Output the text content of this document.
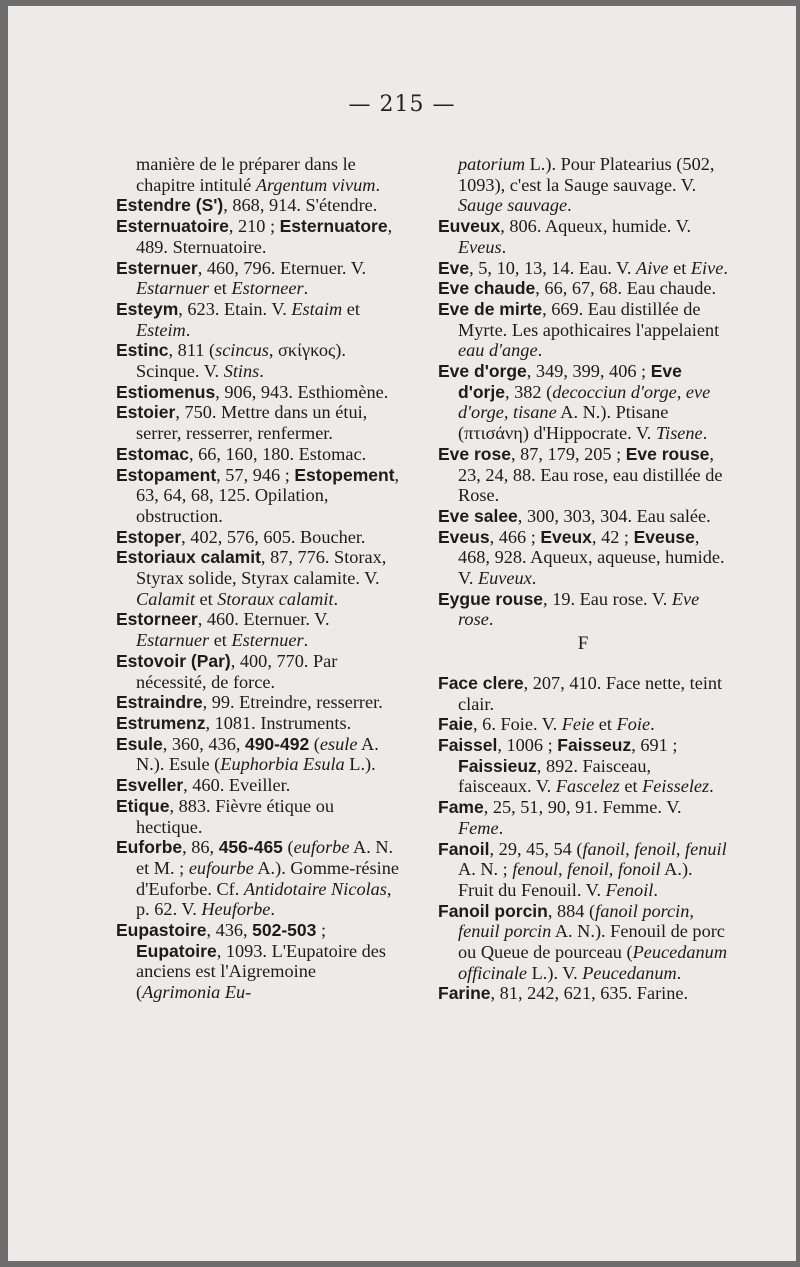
— 215 —

manière de le préparer dans le chapitre intitulé Argentum vivum.

Estendre (S'), 868, 914. S'étendre.

Esternuatoire, 210 ; Esternuatore, 489. Sternuatoire.

Esternuer, 460, 796. Eternuer. V. Estarnuer et Estorneer.

Esteym, 623. Etain. V. Estaim et Esteim.

Estinc, 811 (scincus, σκίγκος). Scinque. V. Stins.

Estiomenus, 906, 943. Esthiomène.

Estoier, 750. Mettre dans un étui, serrer, resserrer, renfermer.

Estomac, 66, 160, 180. Estomac.

Estopament, 57, 946 ; Estopement, 63, 64, 68, 125. Opilation, obstruction.

Estoper, 402, 576, 605. Boucher.

Estoriaux calamit, 87, 776. Storax, Styrax solide, Styrax calamite. V. Calamit et Storaux calamit.

Estorneer, 460. Eternuer. V. Estarnuer et Esternuer.

Estovoir (Par), 400, 770. Par nécessité, de force.

Estraindre, 99. Etreindre, resserrer.

Estrumenz, 1081. Instruments.

Esule, 360, 436, 490-492 (esule A. N.). Esule (Euphorbia Esula L.).

Esveller, 460. Eveiller.

Etique, 883. Fièvre étique ou hectique.

Euforbe, 86, 456-465 (euforbe A. N. et M. ; eufourbe A.). Gomme-résine d'Euforbe. Cf. Antidotaire Nicolas, p. 62. V. Heuforbe.

Eupastoire, 436, 502-503 ; Eupatoire, 1093. L'Eupatoire des anciens est l'Aigremoine (Agrimonia Eu-

patorium L.). Pour Platearius (502, 1093), c'est la Sauge sauvage. V. Sauge sauvage.

Euveux, 806. Aqueux, humide. V. Eveus.

Eve, 5, 10, 13, 14. Eau. V. Aive et Eive.

Eve chaude, 66, 67, 68. Eau chaude.

Eve de mirte, 669. Eau distillée de Myrte. Les apothicaires l'appelaient eau d'ange.

Eve d'orge, 349, 399, 406 ; Eve d'orje, 382 (decocciun d'orge, eve d'orge, tisane A. N.). Ptisane (πτισάνη) d'Hippocrate. V. Tisene.

Eve rose, 87, 179, 205 ; Eve rouse, 23, 24, 88. Eau rose, eau distillée de Rose.

Eve salee, 300, 303, 304. Eau salée.

Eveus, 466 ; Eveux, 42 ; Eveuse, 468, 928. Aqueux, aqueuse, humide. V. Euveux.

Eygue rouse, 19. Eau rose. V. Eve rose.

F

Face clere, 207, 410. Face nette, teint clair.

Faie, 6. Foie. V. Feie et Foie.

Faissel, 1006 ; Faisseuz, 691 ; Faissieuz, 892. Faisceau, faisceaux. V. Fascelez et Feisselez.

Fame, 25, 51, 90, 91. Femme. V. Feme.

Fanoil, 29, 45, 54 (fanoil, fenoil, fenuil A. N. ; fenoul, fenoil, fonoil A.). Fruit du Fenouil. V. Fenoil.

Fanoil porcin, 884 (fanoil porcin, fenuil porcin A. N.). Fenouil de porc ou Queue de pourceau (Peucedanum officinale L.). V. Peucedanum.

Farine, 81, 242, 621, 635. Farine.
